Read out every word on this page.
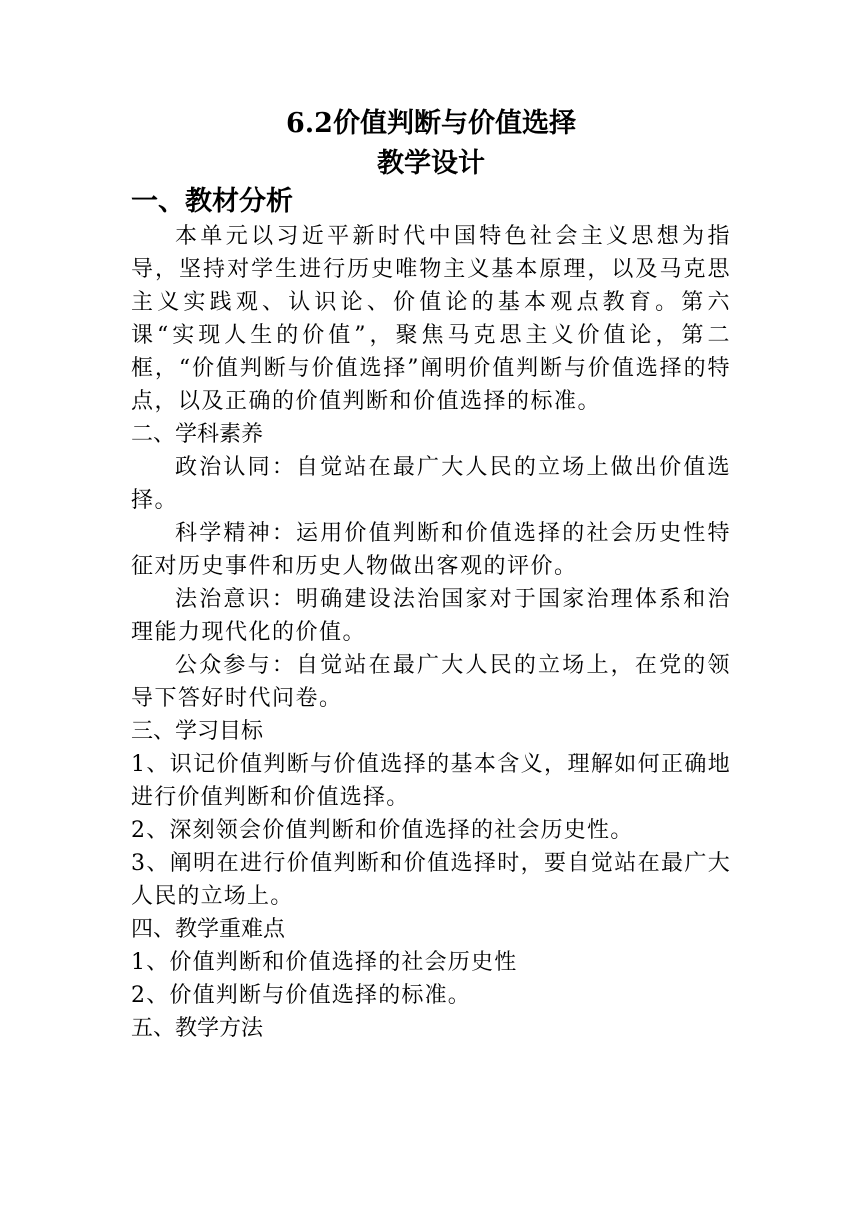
6.2价值判断与价值选择
教学设计
一、教材分析

本单元以习近平新时代中国特色社会主义思想为指导，坚持对学生进行历史唯物主义基本原理，以及马克思主义实践观、认识论、价值论的基本观点教育。第六课“实现人生的价值”，聚焦马克思主义价值论，第二框，“价值判断与价值选择”阐明价值判断与价值选择的特点，以及正确的价值判断和价值选择的标准。

二、学科素养

政治认同：自觉站在最广大人民的立场上做出价值选择。

科学精神：运用价值判断和价值选择的社会历史性特征对历史事件和历史人物做出客观的评价。

法治意识：明确建设法治国家对于国家治理体系和治理能力现代化的价值。

公众参与：自觉站在最广大人民的立场上，在党的领导下答好时代问卷。

三、学习目标

1、识记价值判断与价值选择的基本含义，理解如何正确地进行价值判断和价值选择。

2、深刻领会价值判断和价值选择的社会历史性。

3、阐明在进行价值判断和价值选择时，要自觉站在最广大人民的立场上。

四、教学重难点

1、价值判断和价值选择的社会历史性

2、价值判断与价值选择的标准。

五、教学方法
